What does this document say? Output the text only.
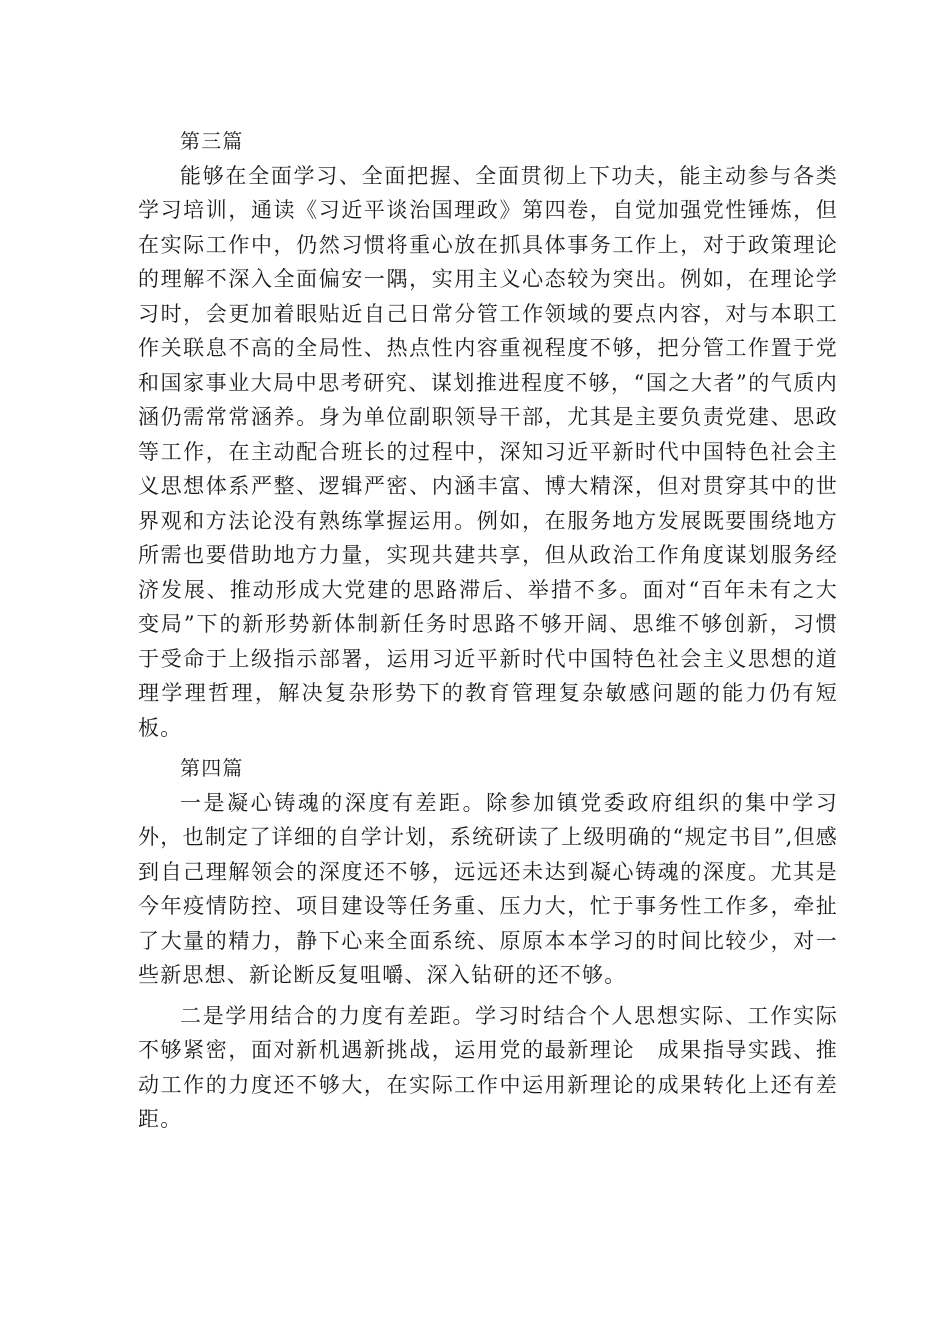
第三篇

能够在全面学习、全面把握、全面贯彻上下功夫，能主动参与各类学习培训，通读《习近平谈治国理政》第四卷，自觉加强党性锤炼，但在实际工作中，仍然习惯将重心放在抓具体事务工作上，对于政策理论的理解不深入全面偏安一隅，实用主义心态较为突出。例如，在理论学习时，会更加着眼贴近自己日常分管工作领域的要点内容，对与本职工作关联息不高的全局性、热点性内容重视程度不够，把分管工作置于党和国家事业大局中思考研究、谋划推进程度不够，“国之大者”的气质内涵仍需常常涵养。身为单位副职领导干部，尤其是主要负责党建、思政等工作，在主动配合班长的过程中，深知习近平新时代中国特色社会主义思想体系严整、逻辑严密、内涵丰富、博大精深，但对贯穿其中的世界观和方法论没有熟练掌握运用。例如，在服务地方发展既要围绕地方所需也要借助地方力量，实现共建共享，但从政治工作角度谋划服务经济发展、推动形成大党建的思路滞后、举措不多。面对“百年未有之大变局”下的新形势新体制新任务时思路不够开阔、思维不够创新，习惯于受命于上级指示部署，运用习近平新时代中国特色社会主义思想的道理学理哲理，解决复杂形势下的教育管理复杂敏感问题的能力仍有短板。

第四篇

一是凝心铸魂的深度有差距。除参加镇党委政府组织的集中学习外，也制定了详细的自学计划，系统研读了上级明确的“规定书目”,但感到自己理解领会的深度还不够，远远还未达到凝心铸魂的深度。尤其是今年疫情防控、项目建设等任务重、压力大，忙于事务性工作多，牵扯了大量的精力，静下心来全面系统、原原本本学习的时间比较少，对一些新思想、新论断反复咀嚼、深入钻研的还不够。

二是学用结合的力度有差距。学习时结合个人思想实际、工作实际不够紧密，面对新机遇新挑战，运用党的最新理论　成果指导实践、推动工作的力度还不够大，在实际工作中运用新理论的成果转化上还有差距。
